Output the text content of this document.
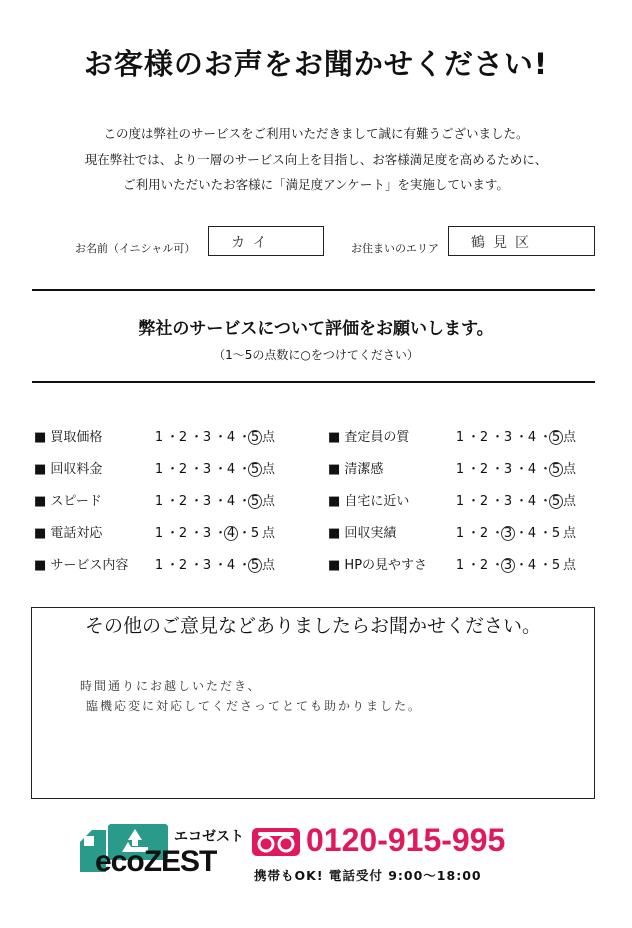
お客様のお声をお聞かせください!
この度は弊社のサービスをご利用いただきまして誠に有難うございました。
現在弊社では、より一層のサービス向上を目指し、お客様満足度を高めるために、
ご利用いただいたお客様に「満足度アンケート」を実施しています。
お名前（イニシャル可）	カイ	お住まいのエリア 鶴見区
弊社のサービスについて評価をお願いします。
（1～5の点数に○をつけてください）
■ 買取価格	1 ・2 ・3 ・4 ・5 点
■ 回収料金	1 ・2 ・3 ・4 ・5 点
■ スピード	1 ・2 ・3 ・4 ・5 点
■ 電話対応	1 ・2 ・3 ・4 ・5 点
■ サービス内容 1 ・2 ・3 ・4 ・5 点
■ 査定員の質	1 ・2 ・3 ・4 ・5 点
■ 清潔感	1 ・2 ・3 ・4 ・5 点
■ 自宅に近い	1 ・2 ・3 ・4 ・5 点
■ 回収実績	1 ・2 ・3 ・4 ・5 点
■ HPの見やすさ 1 ・2 ・3 ・4 ・5 点
その他のご意見などありましたらお聞かせください。
時間通りにお越しいただき、
臨機応変に対応してくださってとても助かりました。
エコゼスト
ecoZEST
0120-915-995
携帯もOK! 電話受付 9:00～18:00
